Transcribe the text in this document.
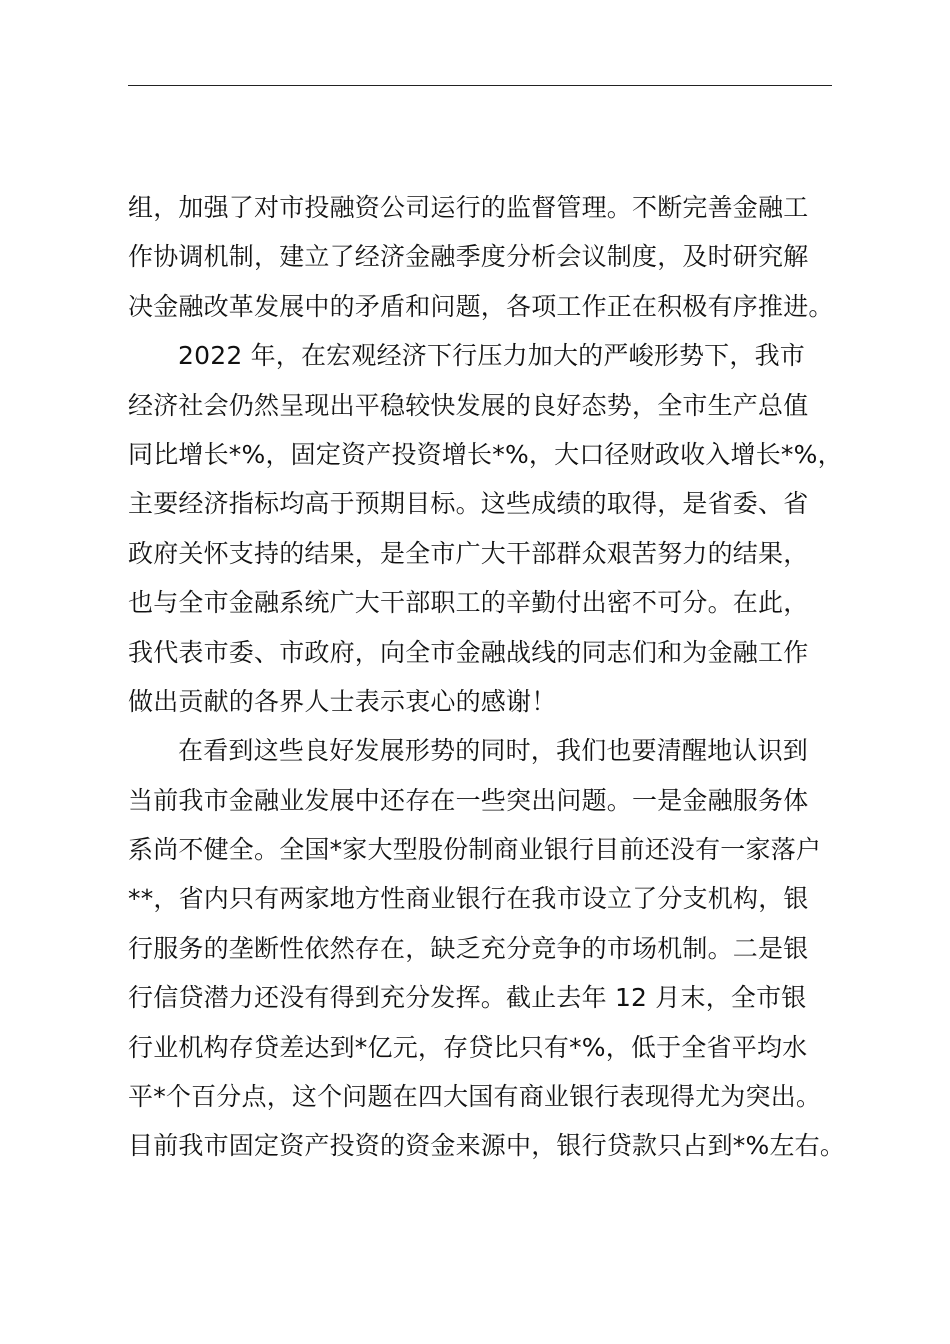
组，加强了对市投融资公司运行的监督管理。不断完善金融工
作协调机制，建立了经济金融季度分析会议制度，及时研究解
决金融改革发展中的矛盾和问题，各项工作正在积极有序推进。
2022 年，在宏观经济下行压力加大的严峻形势下，我市
经济社会仍然呈现出平稳较快发展的良好态势，全市生产总值
同比增长*%，固定资产投资增长*%，大口径财政收入增长*%，
主要经济指标均高于预期目标。这些成绩的取得，是省委、省
政府关怀支持的结果，是全市广大干部群众艰苦努力的结果，
也与全市金融系统广大干部职工的辛勤付出密不可分。在此，
我代表市委、市政府，向全市金融战线的同志们和为金融工作
做出贡献的各界人士表示衷心的感谢！
在看到这些良好发展形势的同时，我们也要清醒地认识到
当前我市金融业发展中还存在一些突出问题。一是金融服务体
系尚不健全。全国*家大型股份制商业银行目前还没有一家落户
**，省内只有两家地方性商业银行在我市设立了分支机构，银
行服务的垄断性依然存在，缺乏充分竞争的市场机制。二是银
行信贷潜力还没有得到充分发挥。截止去年 12 月末，全市银
行业机构存贷差达到*亿元，存贷比只有*%，低于全省平均水
平*个百分点，这个问题在四大国有商业银行表现得尤为突出。
目前我市固定资产投资的资金来源中，银行贷款只占到*%左右。
